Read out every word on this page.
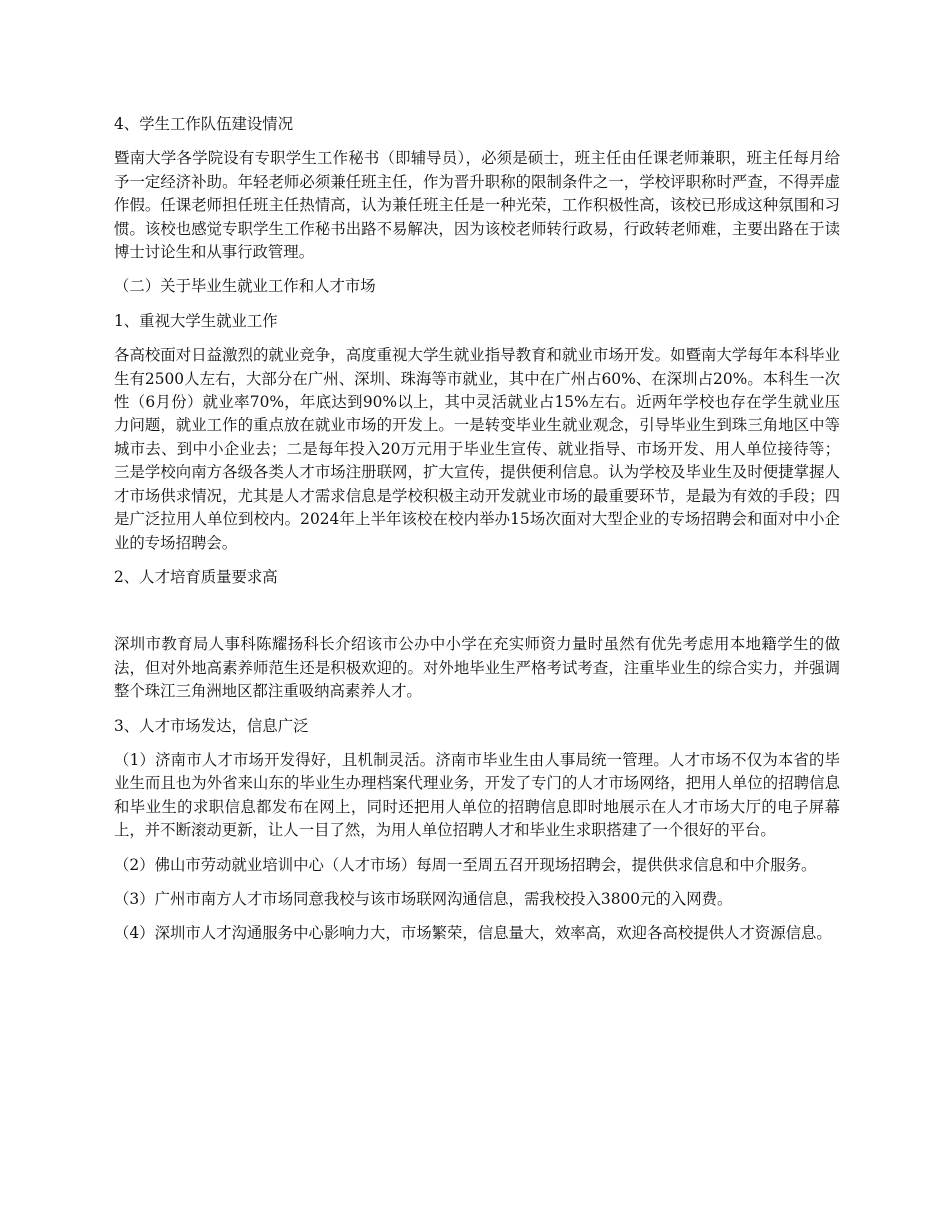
4、学生工作队伍建设情况
暨南大学各学院设有专职学生工作秘书（即辅导员），必须是硕士，班主任由任课老师兼职，班主任每月给予一定经济补助。年轻老师必须兼任班主任，作为晋升职称的限制条件之一，学校评职称时严查，不得弄虚作假。任课老师担任班主任热情高，认为兼任班主任是一种光荣，工作积极性高，该校已形成这种氛围和习惯。该校也感觉专职学生工作秘书出路不易解决，因为该校老师转行政易，行政转老师难，主要出路在于读博士讨论生和从事行政管理。
（二）关于毕业生就业工作和人才市场
1、重视大学生就业工作
各高校面对日益激烈的就业竞争，高度重视大学生就业指导教育和就业市场开发。如暨南大学每年本科毕业生有2500人左右，大部分在广州、深圳、珠海等市就业，其中在广州占60%、在深圳占20%。本科生一次性（6月份）就业率70%，年底达到90%以上，其中灵活就业占15%左右。近两年学校也存在学生就业压力问题，就业工作的重点放在就业市场的开发上。一是转变毕业生就业观念，引导毕业生到珠三角地区中等城市去、到中小企业去；二是每年投入20万元用于毕业生宣传、就业指导、市场开发、用人单位接待等；三是学校向南方各级各类人才市场注册联网，扩大宣传，提供便利信息。认为学校及毕业生及时便捷掌握人才市场供求情况，尤其是人才需求信息是学校积极主动开发就业市场的最重要环节，是最为有效的手段；四是广泛拉用人单位到校内。2024年上半年该校在校内举办15场次面对大型企业的专场招聘会和面对中小企业的专场招聘会。
2、人才培育质量要求高
深圳市教育局人事科陈耀扬科长介绍该市公办中小学在充实师资力量时虽然有优先考虑用本地籍学生的做法，但对外地高素养师范生还是积极欢迎的。对外地毕业生严格考试考查，注重毕业生的综合实力，并强调整个珠江三角洲地区都注重吸纳高素养人才。
3、人才市场发达，信息广泛
（1）济南市人才市场开发得好，且机制灵活。济南市毕业生由人事局统一管理。人才市场不仅为本省的毕业生而且也为外省来山东的毕业生办理档案代理业务，开发了专门的人才市场网络，把用人单位的招聘信息和毕业生的求职信息都发布在网上，同时还把用人单位的招聘信息即时地展示在人才市场大厅的电子屏幕上，并不断滚动更新，让人一目了然，为用人单位招聘人才和毕业生求职搭建了一个很好的平台。
（2）佛山市劳动就业培训中心（人才市场）每周一至周五召开现场招聘会，提供供求信息和中介服务。
（3）广州市南方人才市场同意我校与该市场联网沟通信息，需我校投入3800元的入网费。
（4）深圳市人才沟通服务中心影响力大，市场繁荣，信息量大，效率高，欢迎各高校提供人才资源信息。
